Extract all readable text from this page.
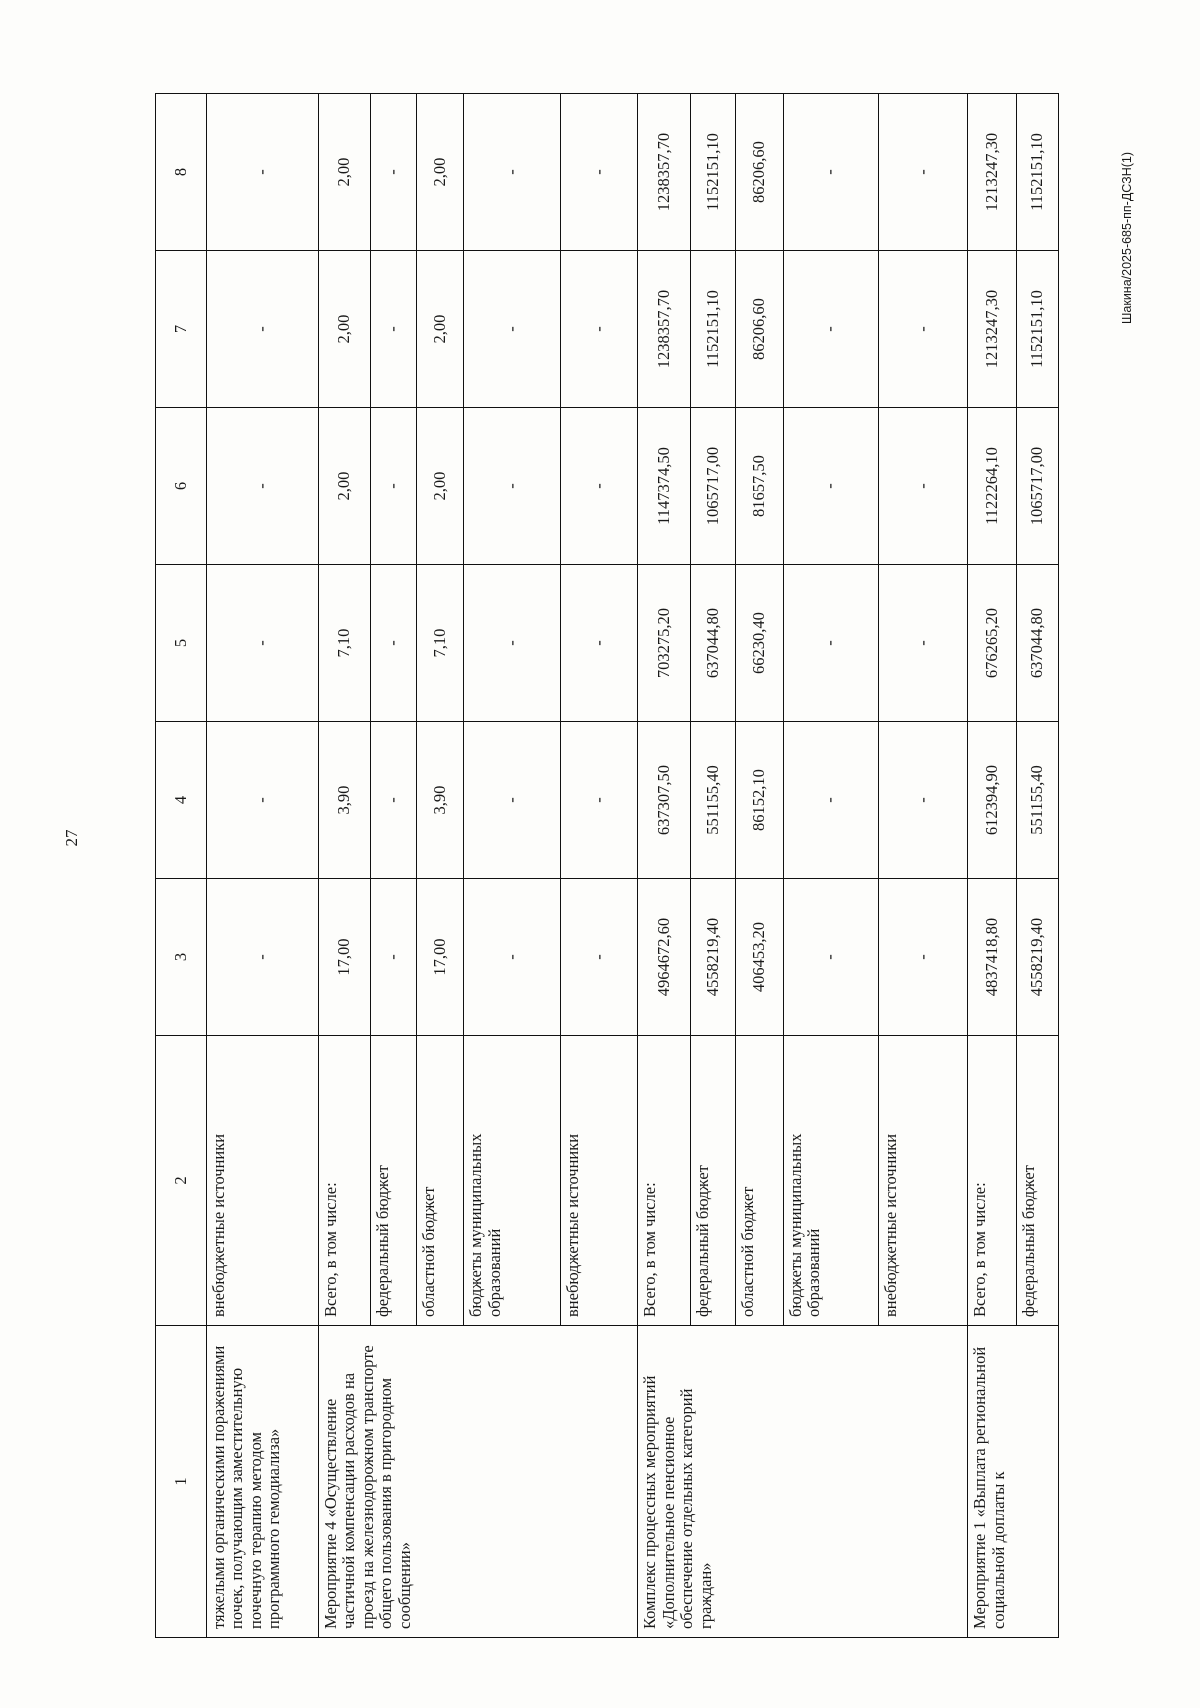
27
Шакина/2025-685-пп-ДСЗН(1)
1	2	3	4	5	6	7	8
тяжелыми органическими поражениями почек, получающим заместительную почечную терапию методом программного гемодиализа»	внебюджетные источники	-	-	-	-	-	-
Мероприятие 4 «Осуществление частичной компенсации расходов на проезд на железнодорожном транспорте общего пользования в пригородном сообщении»	Всего, в том числе:	17,00	3,90	7,10	2,00	2,00	2,00
	федеральный бюджет	-	-	-	-	-	-
	областной бюджет	17,00	3,90	7,10	2,00	2,00	2,00
	бюджеты муниципальных образований	-	-	-	-	-	-
	внебюджетные источники	-	-	-	-	-	-
Комплекс процессных мероприятий «Дополнительное пенсионное обеспечение отдельных категорий граждан»	Всего, в том числе:	4964672,60	637307,50	703275,20	1147374,50	1238357,70	1238357,70
	федеральный бюджет	4558219,40	551155,40	637044,80	1065717,00	1152151,10	1152151,10
	областной бюджет	406453,20	86152,10	66230,40	81657,50	86206,60	86206,60
	бюджеты муниципальных образований	-	-	-	-	-	-
	внебюджетные источники	-	-	-	-	-	-
Мероприятие 1 «Выплата региональной социальной доплаты к	Всего, в том числе:	4837418,80	612394,90	676265,20	1122264,10	1213247,30	1213247,30
	федеральный бюджет	4558219,40	551155,40	637044,80	1065717,00	1152151,10	1152151,10
